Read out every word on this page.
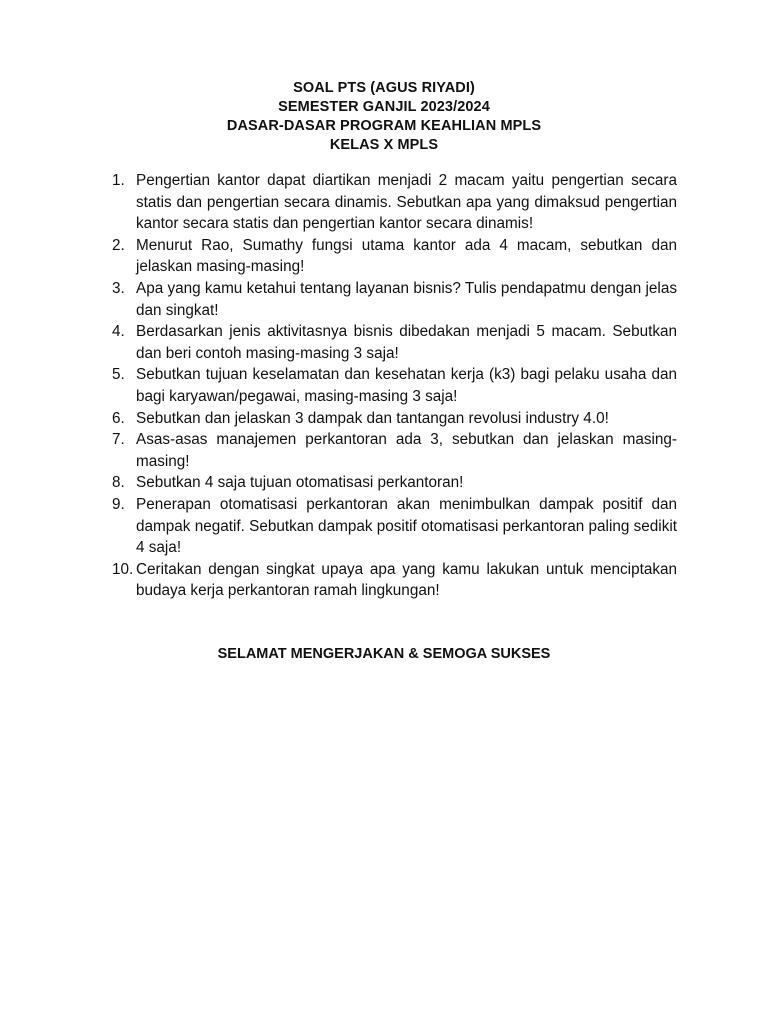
SOAL PTS (AGUS RIYADI)
SEMESTER GANJIL 2023/2024
DASAR-DASAR PROGRAM KEAHLIAN MPLS
KELAS X MPLS
1. Pengertian kantor dapat diartikan menjadi 2 macam yaitu pengertian secara statis dan pengertian secara dinamis. Sebutkan apa yang dimaksud pengertian kantor secara statis dan pengertian kantor secara dinamis!
2. Menurut Rao, Sumathy fungsi utama kantor ada 4 macam, sebutkan dan jelaskan masing-masing!
3. Apa yang kamu ketahui tentang layanan bisnis? Tulis pendapatmu dengan jelas dan singkat!
4. Berdasarkan jenis aktivitasnya bisnis dibedakan menjadi 5 macam. Sebutkan dan beri contoh masing-masing 3 saja!
5. Sebutkan tujuan keselamatan dan kesehatan kerja (k3) bagi pelaku usaha dan bagi karyawan/pegawai, masing-masing 3 saja!
6. Sebutkan dan jelaskan 3 dampak dan tantangan revolusi industry 4.0!
7. Asas-asas manajemen perkantoran ada 3, sebutkan dan jelaskan masing-masing!
8. Sebutkan 4 saja tujuan otomatisasi perkantoran!
9. Penerapan otomatisasi perkantoran akan menimbulkan dampak positif dan dampak negatif. Sebutkan dampak positif otomatisasi perkantoran paling sedikit 4 saja!
10. Ceritakan dengan singkat upaya apa yang kamu lakukan untuk menciptakan budaya kerja perkantoran ramah lingkungan!
SELAMAT MENGERJAKAN & SEMOGA SUKSES
